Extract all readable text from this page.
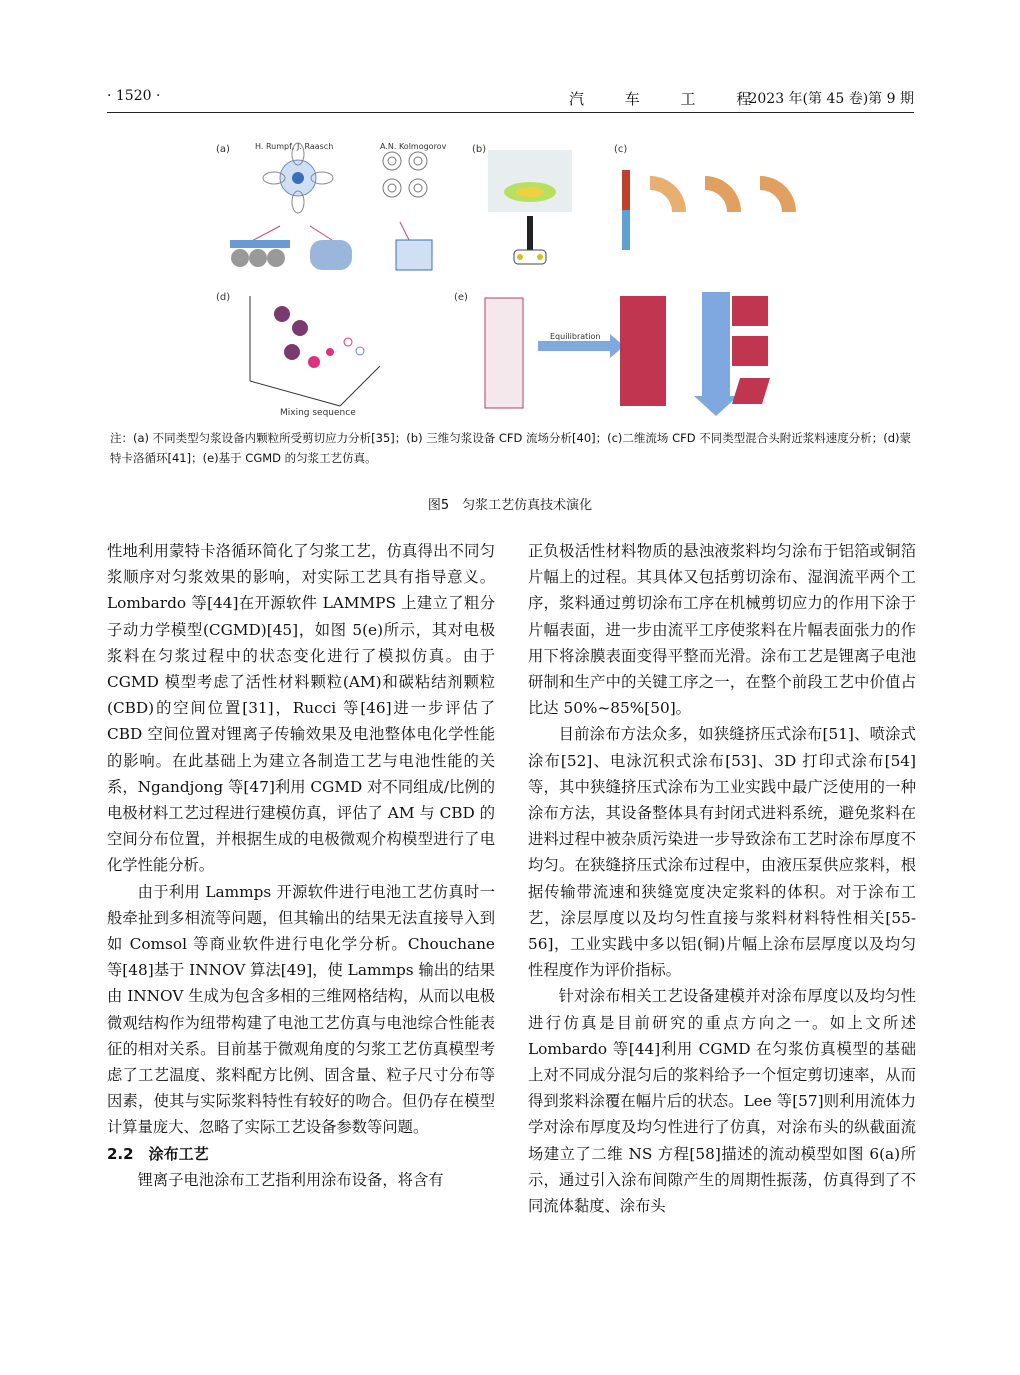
· 1520 ·	汽 车 工 程
2023 年(第 45 卷)第 9 期
(a)	(b)	(c)
(d)	(e)
H. Rumpf, J. Raasch	A.N. Kolmogorov
Mixing sequence
Equilibration
注：(a) 不同类型匀浆设备内颗粒所受剪切应力分析[35]；(b) 三维匀浆设备 CFD 流场分析[40]；(c)二维流场 CFD 不同类型混合头附近浆料速度分析；(d)蒙特卡洛循环[41]；(e)基于 CGMD 的匀浆工艺仿真。
图5　匀浆工艺仿真技术演化

性地利用蒙特卡洛循环简化了匀浆工艺，仿真得出不同匀浆顺序对匀浆效果的影响，对实际工艺具有指导意义。Lombardo 等[44]在开源软件 LAMMPS 上建立了粗分子动力学模型(CGMD)[45]，如图 5(e)所示，其对电极浆料在匀浆过程中的状态变化进行了模拟仿真。由于 CGMD 模型考虑了活性材料颗粒(AM)和碳粘结剂颗粒(CBD)的空间位置[31]，Rucci 等[46]进一步评估了 CBD 空间位置对锂离子传输效果及电池整体电化学性能的影响。在此基础上为建立各制造工艺与电池性能的关系，Ngandjong 等[47]利用 CGMD 对不同组成/比例的电极材料工艺过程进行建模仿真，评估了 AM 与 CBD 的空间分布位置，并根据生成的电极微观介构模型进行了电化学性能分析。

由于利用 Lammps 开源软件进行电池工艺仿真时一般牵扯到多相流等问题，但其输出的结果无法直接导入到如 Comsol 等商业软件进行电化学分析。Chouchane 等[48]基于 INNOV 算法[49]，使 Lammps 输出的结果由 INNOV 生成为包含多相的三维网格结构，从而以电极微观结构作为纽带构建了电池工艺仿真与电池综合性能表征的相对关系。目前基于微观角度的匀浆工艺仿真模型考虑了工艺温度、浆料配方比例、固含量、粒子尺寸分布等因素，使其与实际浆料特性有较好的吻合。但仍存在模型计算量庞大、忽略了实际工艺设备参数等问题。

2.2　涂布工艺

锂离子电池涂布工艺指利用涂布设备，将含有

正负极活性材料物质的悬浊液浆料均匀涂布于铝箔或铜箔片幅上的过程。其具体又包括剪切涂布、湿润流平两个工序，浆料通过剪切涂布工序在机械剪切应力的作用下涂于片幅表面，进一步由流平工序使浆料在片幅表面张力的作用下将涂膜表面变得平整而光滑。涂布工艺是锂离子电池研制和生产中的关键工序之一，在整个前段工艺中价值占比达 50%~85%[50]。

目前涂布方法众多，如狭缝挤压式涂布[51]、喷涂式涂布[52]、电泳沉积式涂布[53]、3D 打印式涂布[54]等，其中狭缝挤压式涂布为工业实践中最广泛使用的一种涂布方法，其设备整体具有封闭式进料系统，避免浆料在进料过程中被杂质污染进一步导致涂布工艺时涂布厚度不均匀。在狭缝挤压式涂布过程中，由液压泵供应浆料，根据传输带流速和狭缝宽度决定浆料的体积。对于涂布工艺，涂层厚度以及均匀性直接与浆料材料特性相关[55-56]，工业实践中多以铝(铜)片幅上涂布层厚度以及均匀性程度作为评价指标。

针对涂布相关工艺设备建模并对涂布厚度以及均匀性进行仿真是目前研究的重点方向之一。如上文所述 Lombardo 等[44]利用 CGMD 在匀浆仿真模型的基础上对不同成分混匀后的浆料给予一个恒定剪切速率，从而得到浆料涂覆在幅片后的状态。Lee 等[57]则利用流体力学对涂布厚度及均匀性进行了仿真，对涂布头的纵截面流场建立了二维 NS 方程[58]描述的流动模型如图 6(a)所示，通过引入涂布间隙产生的周期性振荡，仿真得到了不同流体黏度、涂布头
